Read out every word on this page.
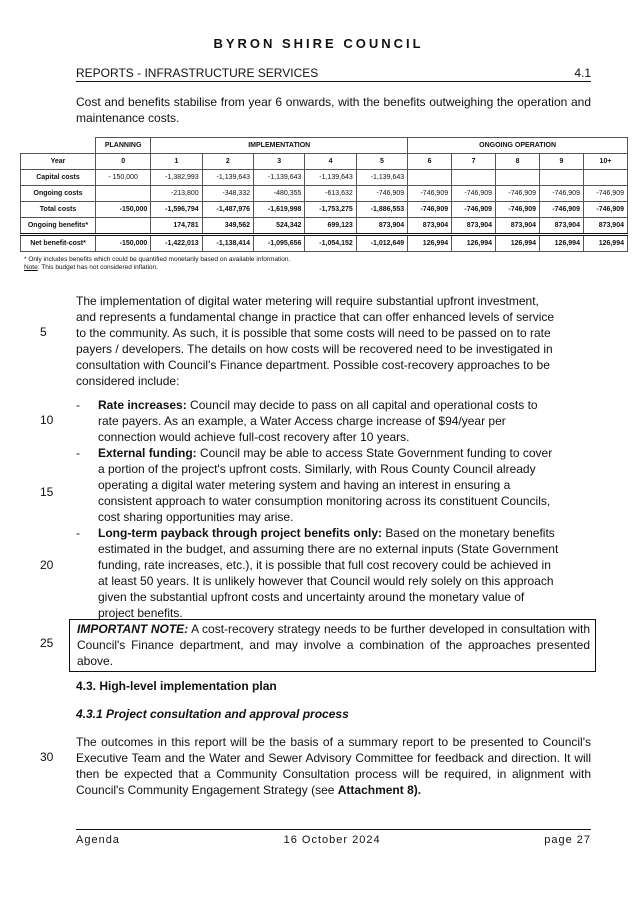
BYRON SHIRE COUNCIL
REPORTS - INFRASTRUCTURE SERVICES	4.1
Cost and benefits stabilise from year 6 onwards, with the benefits outweighing the operation and maintenance costs.
	PLANNING	IMPLEMENTATION					ONGOING OPERATION				
Year	0	1	2	3	4	5	6	7	8	9	10+
Capital costs	- 150,000	-1,382,993	-1,139,643	-1,139,643	-1,139,643	-1,139,643					
Ongoing costs		-213,800	-348,332	-480,355	-613,632	-746,909	-746,909	-746,909	-746,909	-746,909	-746,909
Total costs	-150,000	-1,596,794	-1,487,976	-1,619,998	-1,753,275	-1,886,553	-746,909	-746,909	-746,909	-746,909	-746,909
Ongoing benefits*		174,781	349,562	524,342	699,123	873,904	873,904	873,904	873,904	873,904	873,904
Net benefit-cost*	-150,000	-1,422,013	-1,138,414	-1,095,656	-1,054,152	-1,012,649	126,994	126,994	126,994	126,994	126,994
* Only includes benefits which could be quantified monetarily based on available information.
Note: This budget has not considered inflation.
5
10
15
20
25
30
The implementation of digital water metering will require substantial upfront investment,
and represents a fundamental change in practice that can offer enhanced levels of service
to the community. As such, it is possible that some costs will need to be passed on to rate
payers / developers. The details on how costs will be recovered need to be investigated in
consultation with Council's Finance department. Possible cost-recovery approaches to be
considered include:
-	Rate increases: Council may decide to pass on all capital and operational costs to
rate payers. As an example, a Water Access charge increase of $94/year per
connection would achieve full-cost recovery after 10 years.
-	External funding: Council may be able to access State Government funding to cover
a portion of the project's upfront costs. Similarly, with Rous County Council already
operating a digital water metering system and having an interest in ensuring a
consistent approach to water consumption monitoring across its constituent Councils,
cost sharing opportunities may arise.
-	Long-term payback through project benefits only: Based on the monetary benefits
estimated in the budget, and assuming there are no external inputs (State Government
funding, rate increases, etc.), it is possible that full cost recovery could be achieved in
at least 50 years. It is unlikely however that Council would rely solely on this approach
given the substantial upfront costs and uncertainty around the monetary value of
project benefits.
IMPORTANT NOTE: A cost-recovery strategy needs to be further developed in consultation with Council's Finance department, and may involve a combination of the approaches presented above.
4.3. High-level implementation plan
4.3.1 Project consultation and approval process
The outcomes in this report will be the basis of a summary report to be presented to Council's Executive Team and the Water and Sewer Advisory Committee for feedback and direction. It will then be expected that a Community Consultation process will be required, in alignment with Council's Community Engagement Strategy (see Attachment 8).
Agenda	16 October 2024	page 27
